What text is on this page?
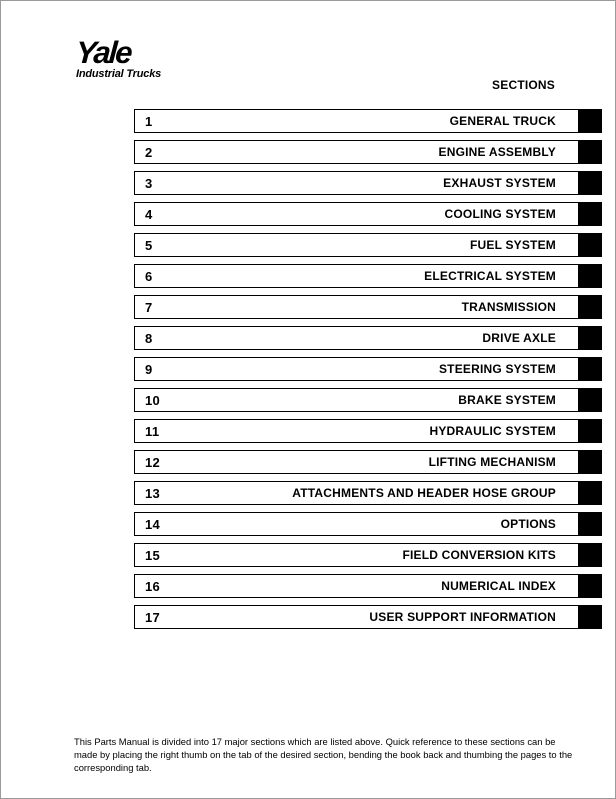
Yale
Industrial Trucks
SECTIONS
1	GENERAL TRUCK
2	ENGINE ASSEMBLY
3	EXHAUST SYSTEM
4	COOLING SYSTEM
5	FUEL SYSTEM
6	ELECTRICAL SYSTEM
7	TRANSMISSION
8	DRIVE AXLE
9	STEERING SYSTEM
10	BRAKE SYSTEM
11	HYDRAULIC SYSTEM
12	LIFTING MECHANISM
13	ATTACHMENTS AND HEADER HOSE GROUP
14	OPTIONS
15	FIELD CONVERSION KITS
16	NUMERICAL INDEX
17	USER SUPPORT INFORMATION
This Parts Manual is divided into 17 major sections which are listed above. Quick reference to these sections can be made by placing the right thumb on the tab of the desired section, bending the book back and thumbing the pages to the corresponding tab.
